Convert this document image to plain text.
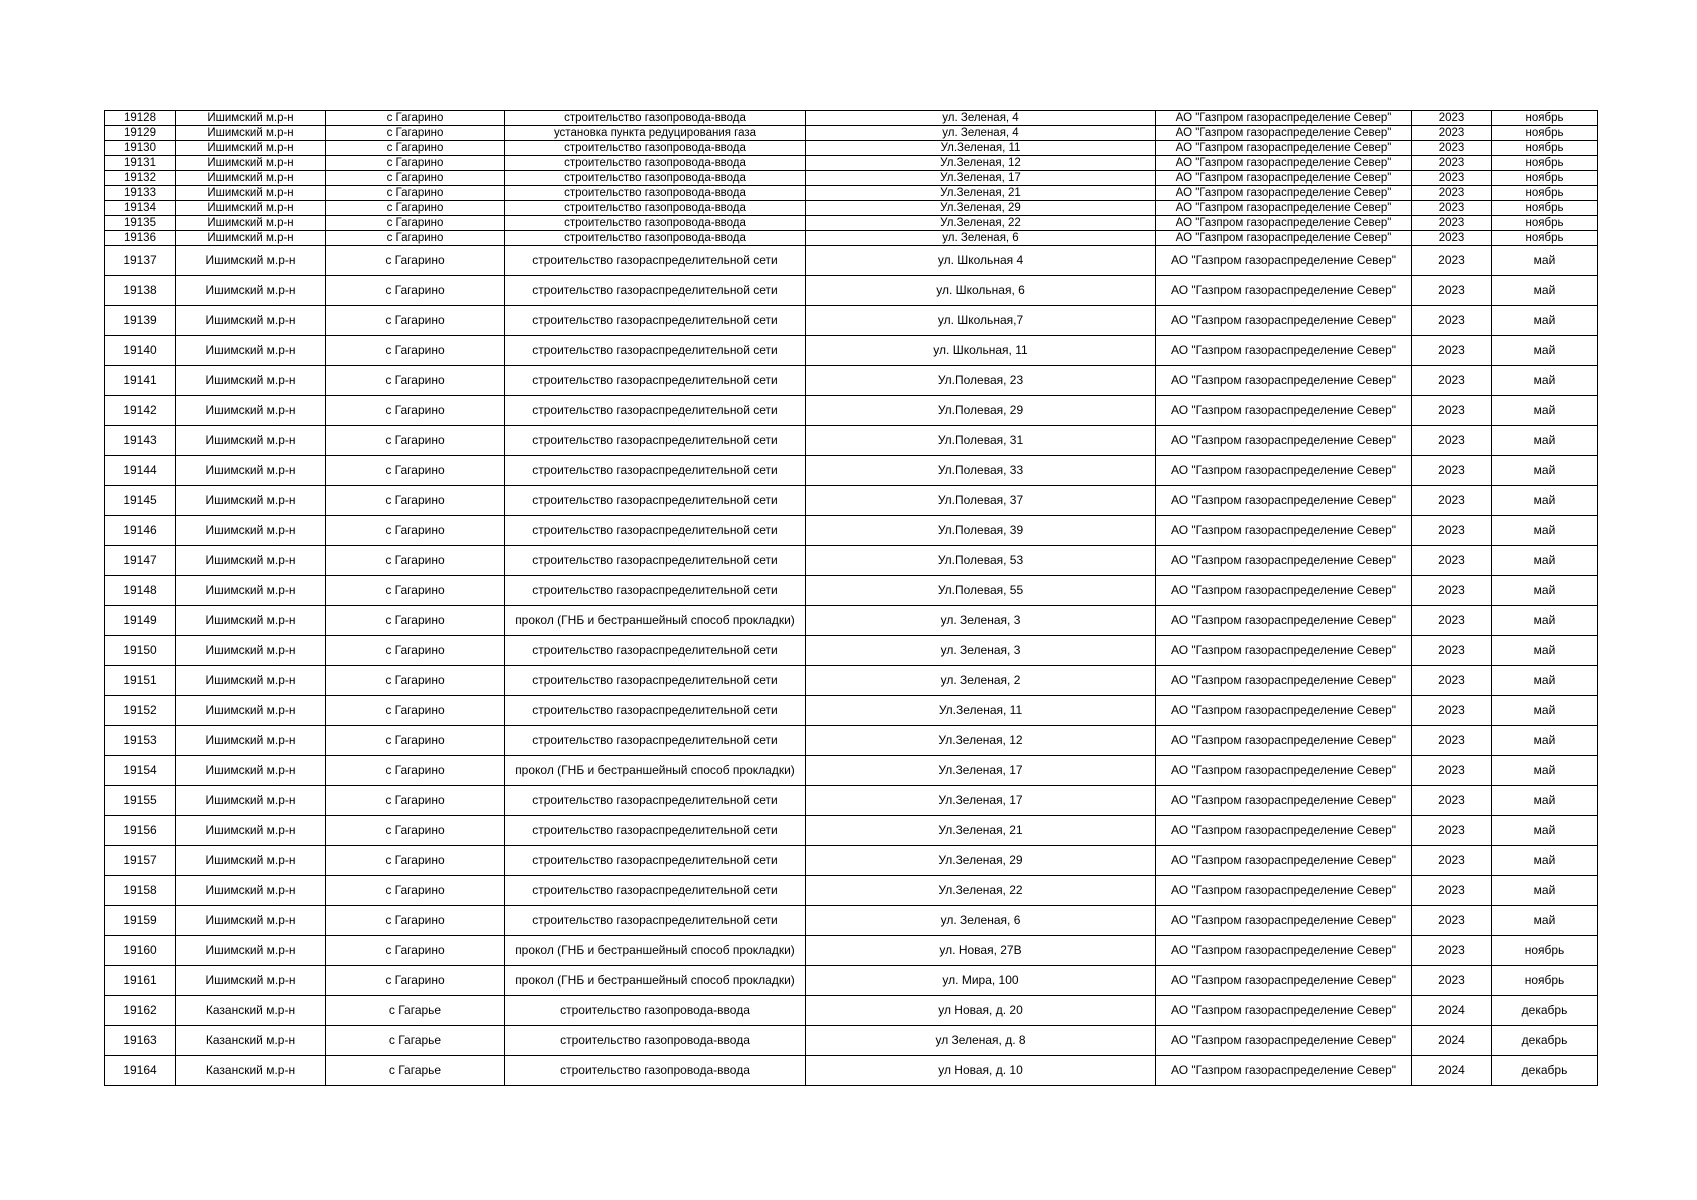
19128	Ишимский м.р-н	с Гагарино	строительство газопровода-ввода	ул. Зеленая, 4	АО "Газпром газораспределение Север"	2023	ноябрь
19129	Ишимский м.р-н	с Гагарино	установка пункта редуцирования газа	ул. Зеленая, 4	АО "Газпром газораспределение Север"	2023	ноябрь
19130	Ишимский м.р-н	с Гагарино	строительство газопровода-ввода	Ул.Зеленая, 11	АО "Газпром газораспределение Север"	2023	ноябрь
19131	Ишимский м.р-н	с Гагарино	строительство газопровода-ввода	Ул.Зеленая, 12	АО "Газпром газораспределение Север"	2023	ноябрь
19132	Ишимский м.р-н	с Гагарино	строительство газопровода-ввода	Ул.Зеленая, 17	АО "Газпром газораспределение Север"	2023	ноябрь
19133	Ишимский м.р-н	с Гагарино	строительство газопровода-ввода	Ул.Зеленая, 21	АО "Газпром газораспределение Север"	2023	ноябрь
19134	Ишимский м.р-н	с Гагарино	строительство газопровода-ввода	Ул.Зеленая, 29	АО "Газпром газораспределение Север"	2023	ноябрь
19135	Ишимский м.р-н	с Гагарино	строительство газопровода-ввода	Ул.Зеленая, 22	АО "Газпром газораспределение Север"	2023	ноябрь
19136	Ишимский м.р-н	с Гагарино	строительство газопровода-ввода	ул. Зеленая, 6	АО "Газпром газораспределение Север"	2023	ноябрь
19137	Ишимский м.р-н	с Гагарино	строительство газораспределительной сети	ул. Школьная 4	АО "Газпром газораспределение Север"	2023	май
19138	Ишимский м.р-н	с Гагарино	строительство газораспределительной сети	ул. Школьная, 6	АО "Газпром газораспределение Север"	2023	май
19139	Ишимский м.р-н	с Гагарино	строительство газораспределительной сети	ул. Школьная,7	АО "Газпром газораспределение Север"	2023	май
19140	Ишимский м.р-н	с Гагарино	строительство газораспределительной сети	ул. Школьная, 11	АО "Газпром газораспределение Север"	2023	май
19141	Ишимский м.р-н	с Гагарино	строительство газораспределительной сети	Ул.Полевая, 23	АО "Газпром газораспределение Север"	2023	май
19142	Ишимский м.р-н	с Гагарино	строительство газораспределительной сети	Ул.Полевая, 29	АО "Газпром газораспределение Север"	2023	май
19143	Ишимский м.р-н	с Гагарино	строительство газораспределительной сети	Ул.Полевая, 31	АО "Газпром газораспределение Север"	2023	май
19144	Ишимский м.р-н	с Гагарино	строительство газораспределительной сети	Ул.Полевая, 33	АО "Газпром газораспределение Север"	2023	май
19145	Ишимский м.р-н	с Гагарино	строительство газораспределительной сети	Ул.Полевая, 37	АО "Газпром газораспределение Север"	2023	май
19146	Ишимский м.р-н	с Гагарино	строительство газораспределительной сети	Ул.Полевая, 39	АО "Газпром газораспределение Север"	2023	май
19147	Ишимский м.р-н	с Гагарино	строительство газораспределительной сети	Ул.Полевая, 53	АО "Газпром газораспределение Север"	2023	май
19148	Ишимский м.р-н	с Гагарино	строительство газораспределительной сети	Ул.Полевая, 55	АО "Газпром газораспределение Север"	2023	май
19149	Ишимский м.р-н	с Гагарино	прокол (ГНБ и бестраншейный способ прокладки)	ул. Зеленая, 3	АО "Газпром газораспределение Север"	2023	май
19150	Ишимский м.р-н	с Гагарино	строительство газораспределительной сети	ул. Зеленая, 3	АО "Газпром газораспределение Север"	2023	май
19151	Ишимский м.р-н	с Гагарино	строительство газораспределительной сети	ул. Зеленая, 2	АО "Газпром газораспределение Север"	2023	май
19152	Ишимский м.р-н	с Гагарино	строительство газораспределительной сети	Ул.Зеленая, 11	АО "Газпром газораспределение Север"	2023	май
19153	Ишимский м.р-н	с Гагарино	строительство газораспределительной сети	Ул.Зеленая, 12	АО "Газпром газораспределение Север"	2023	май
19154	Ишимский м.р-н	с Гагарино	прокол (ГНБ и бестраншейный способ прокладки)	Ул.Зеленая, 17	АО "Газпром газораспределение Север"	2023	май
19155	Ишимский м.р-н	с Гагарино	строительство газораспределительной сети	Ул.Зеленая, 17	АО "Газпром газораспределение Север"	2023	май
19156	Ишимский м.р-н	с Гагарино	строительство газораспределительной сети	Ул.Зеленая, 21	АО "Газпром газораспределение Север"	2023	май
19157	Ишимский м.р-н	с Гагарино	строительство газораспределительной сети	Ул.Зеленая, 29	АО "Газпром газораспределение Север"	2023	май
19158	Ишимский м.р-н	с Гагарино	строительство газораспределительной сети	Ул.Зеленая, 22	АО "Газпром газораспределение Север"	2023	май
19159	Ишимский м.р-н	с Гагарино	строительство газораспределительной сети	ул. Зеленая, 6	АО "Газпром газораспределение Север"	2023	май
19160	Ишимский м.р-н	с Гагарино	прокол (ГНБ и бестраншейный способ прокладки)	ул. Новая, 27В	АО "Газпром газораспределение Север"	2023	ноябрь
19161	Ишимский м.р-н	с Гагарино	прокол (ГНБ и бестраншейный способ прокладки)	ул. Мира, 100	АО "Газпром газораспределение Север"	2023	ноябрь
19162	Казанский м.р-н	с Гагарье	строительство газопровода-ввода	ул Новая, д. 20	АО "Газпром газораспределение Север"	2024	декабрь
19163	Казанский м.р-н	с Гагарье	строительство газопровода-ввода	ул Зеленая, д. 8	АО "Газпром газораспределение Север"	2024	декабрь
19164	Казанский м.р-н	с Гагарье	строительство газопровода-ввода	ул Новая, д. 10	АО "Газпром газораспределение Север"	2024	декабрь
